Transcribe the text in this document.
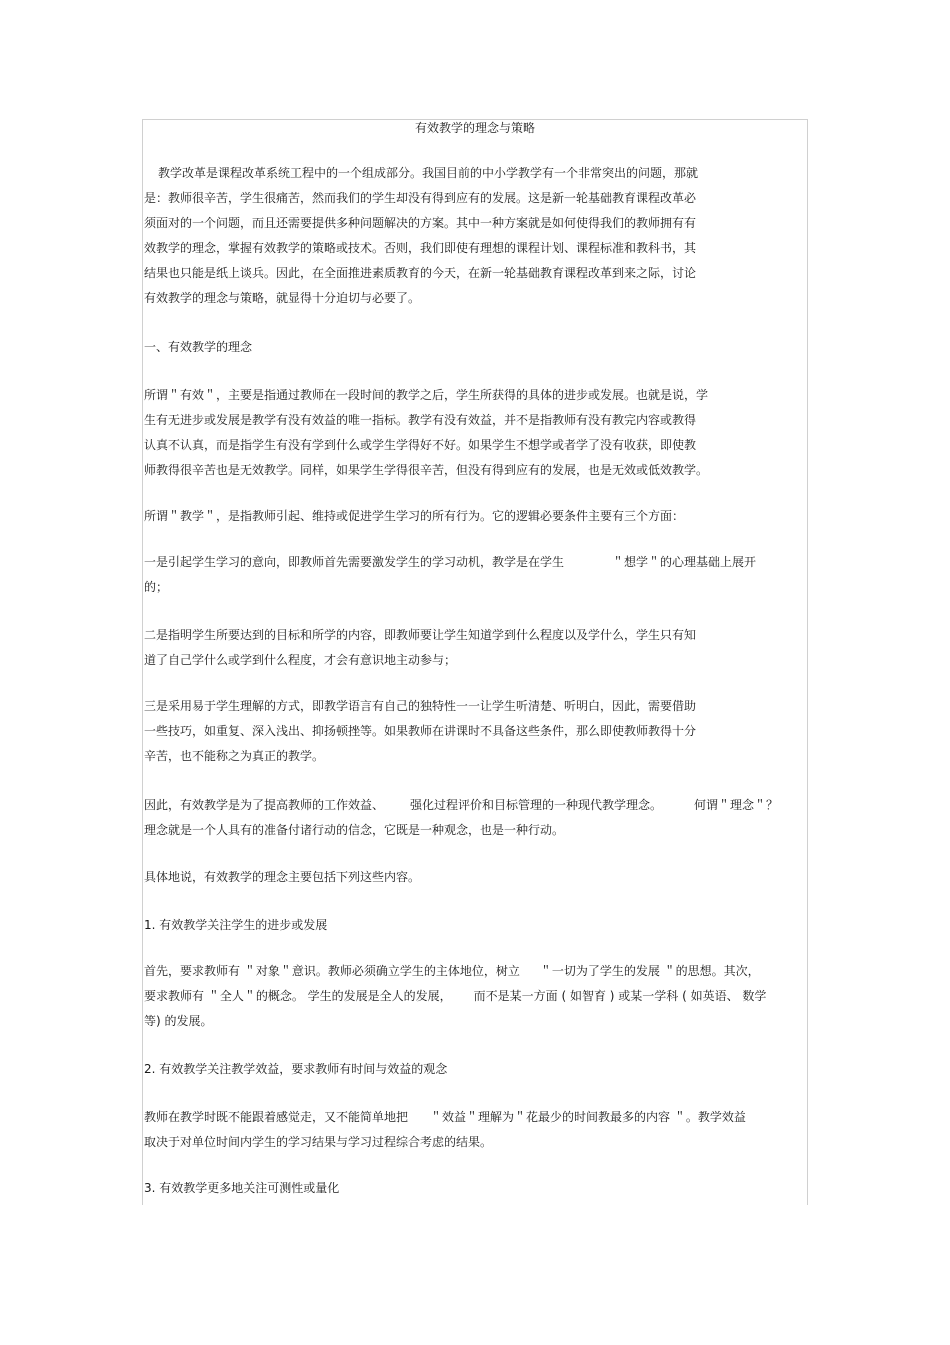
有效教学的理念与策略
教学改革是课程改革系统工程中的一个组成部分。我国目前的中小学教学有一个非常突出的问题，那就
是：教师很辛苦，学生很痛苦，然而我们的学生却没有得到应有的发展。这是新一轮基础教育课程改革必
须面对的一个问题，而且还需要提供多种问题解决的方案。其中一种方案就是如何使得我们的教师拥有有
效教学的理念，掌握有效教学的策略或技术。否则，我们即使有理想的课程计划、课程标准和教科书，其
结果也只能是纸上谈兵。因此，在全面推进素质教育的今天，在新一轮基础教育课程改革到来之际，讨论
有效教学的理念与策略，就显得十分迫切与必要了。
一、有效教学的理念
所谓＂有效＂，主要是指通过教师在一段时间的教学之后，学生所获得的具体的进步或发展。也就是说，学
生有无进步或发展是教学有没有效益的唯一指标。教学有没有效益，并不是指教师有没有教完内容或教得
认真不认真，而是指学生有没有学到什么或学生学得好不好。如果学生不想学或者学了没有收获，即使教
师教得很辛苦也是无效教学。同样，如果学生学得很辛苦，但没有得到应有的发展，也是无效或低效教学。
所谓＂教学＂，是指教师引起、维持或促进学生学习的所有行为。它的逻辑必要条件主要有三个方面：
一是引起学生学习的意向，即教师首先需要激发学生的学习动机，教学是在学生	＂想学＂的心理基础上展开
的；
二是指明学生所要达到的目标和所学的内容，即教师要让学生知道学到什么程度以及学什么，学生只有知
道了自己学什么或学到什么程度，才会有意识地主动参与；
三是采用易于学生理解的方式，即教学语言有自己的独特性一一让学生听清楚、听明白，因此，需要借助
一些技巧，如重复、深入浅出、抑扬顿挫等。如果教师在讲课时不具备这些条件，那么即使教师教得十分
辛苦，也不能称之为真正的教学。
因此，有效教学是为了提高教师的工作效益、 强化过程评价和目标管理的一种现代教学理念。	何谓＂理念＂？
理念就是一个人具有的准备付诸行动的信念，它既是一种观念，也是一种行动。
具体地说，有效教学的理念主要包括下列这些内容。
1. 有效教学关注学生的进步或发展
首先，要求教师有 ＂对象＂意识。教师必须确立学生的主体地位，树立 ＂一切为了学生的发展 ＂的思想。其次，
要求教师有 ＂全人＂的概念。 学生的发展是全人的发展， 而不是某一方面 ( 如智育 ) 或某一学科 ( 如英语、 数学
等) 的发展。
2. 有效教学关注教学效益，要求教师有时间与效益的观念
教师在教学时既不能跟着感觉走，又不能简单地把 ＂效益＂理解为＂花最少的时间教最多的内容 ＂。教学效益
取决于对单位时间内学生的学习结果与学习过程综合考虑的结果。
3. 有效教学更多地关注可测性或量化
